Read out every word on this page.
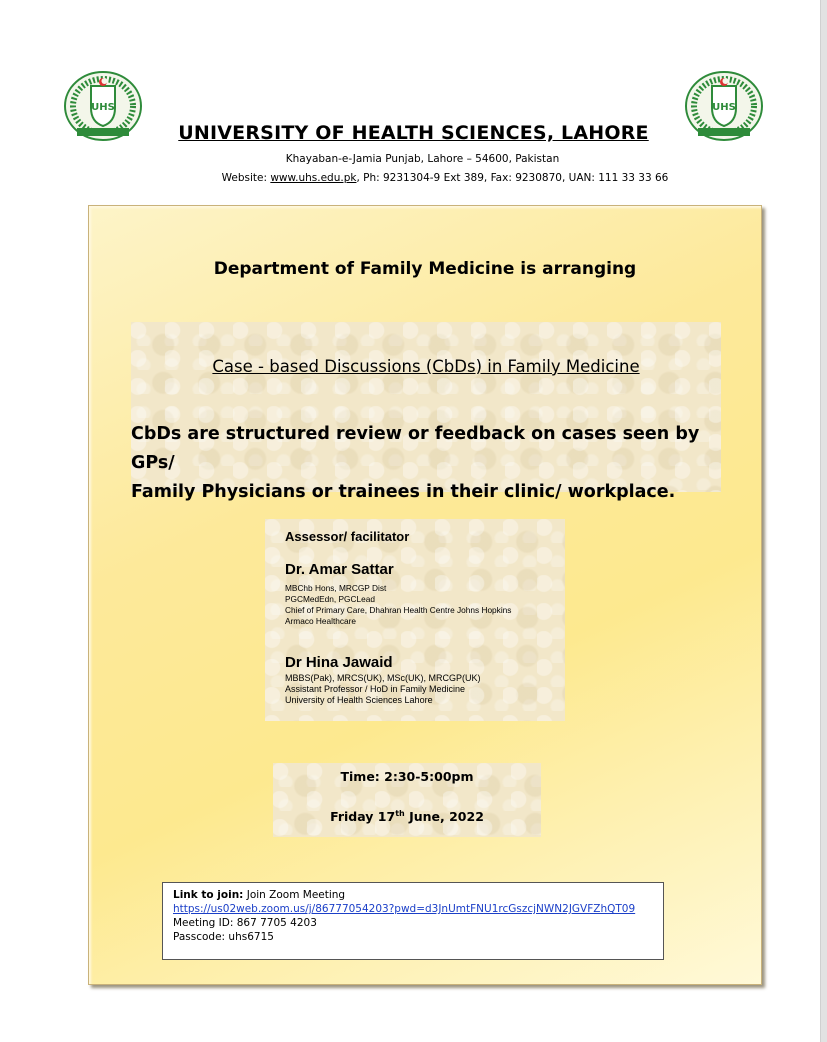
UHS	UHS
UNIVERSITY OF HEALTH SCIENCES, LAHORE
Khayaban-e-Jamia Punjab, Lahore – 54600, Pakistan
Website: www.uhs.edu.pk, Ph: 9231304-9 Ext 389, Fax: 9230870, UAN: 111 33 33 66
Department of Family Medicine is arranging
Case - based Discussions (CbDs) in Family Medicine
CbDs are structured review or feedback on cases seen by GPs/
Family Physicians or trainees in their clinic/ workplace.
Assessor/ facilitator
Dr. Amar Sattar
MBChb Hons, MRCGP Dist
PGCMedEdn, PGCLead
Chief of Primary Care, Dhahran Health Centre Johns Hopkins
Armaco Healthcare
Dr Hina Jawaid
MBBS(Pak), MRCS(UK), MSc(UK), MRCGP(UK)
Assistant Professor / HoD in Family Medicine
University of Health Sciences Lahore
Time: 2:30-5:00pm
Friday 17th June, 2022
Link to join: Join Zoom Meeting
https://us02web.zoom.us/j/86777054203?pwd=d3JnUmtFNU1rcGszcjNWN2JGVFZhQT09
Meeting ID: 867 7705 4203
Passcode: uhs6715
